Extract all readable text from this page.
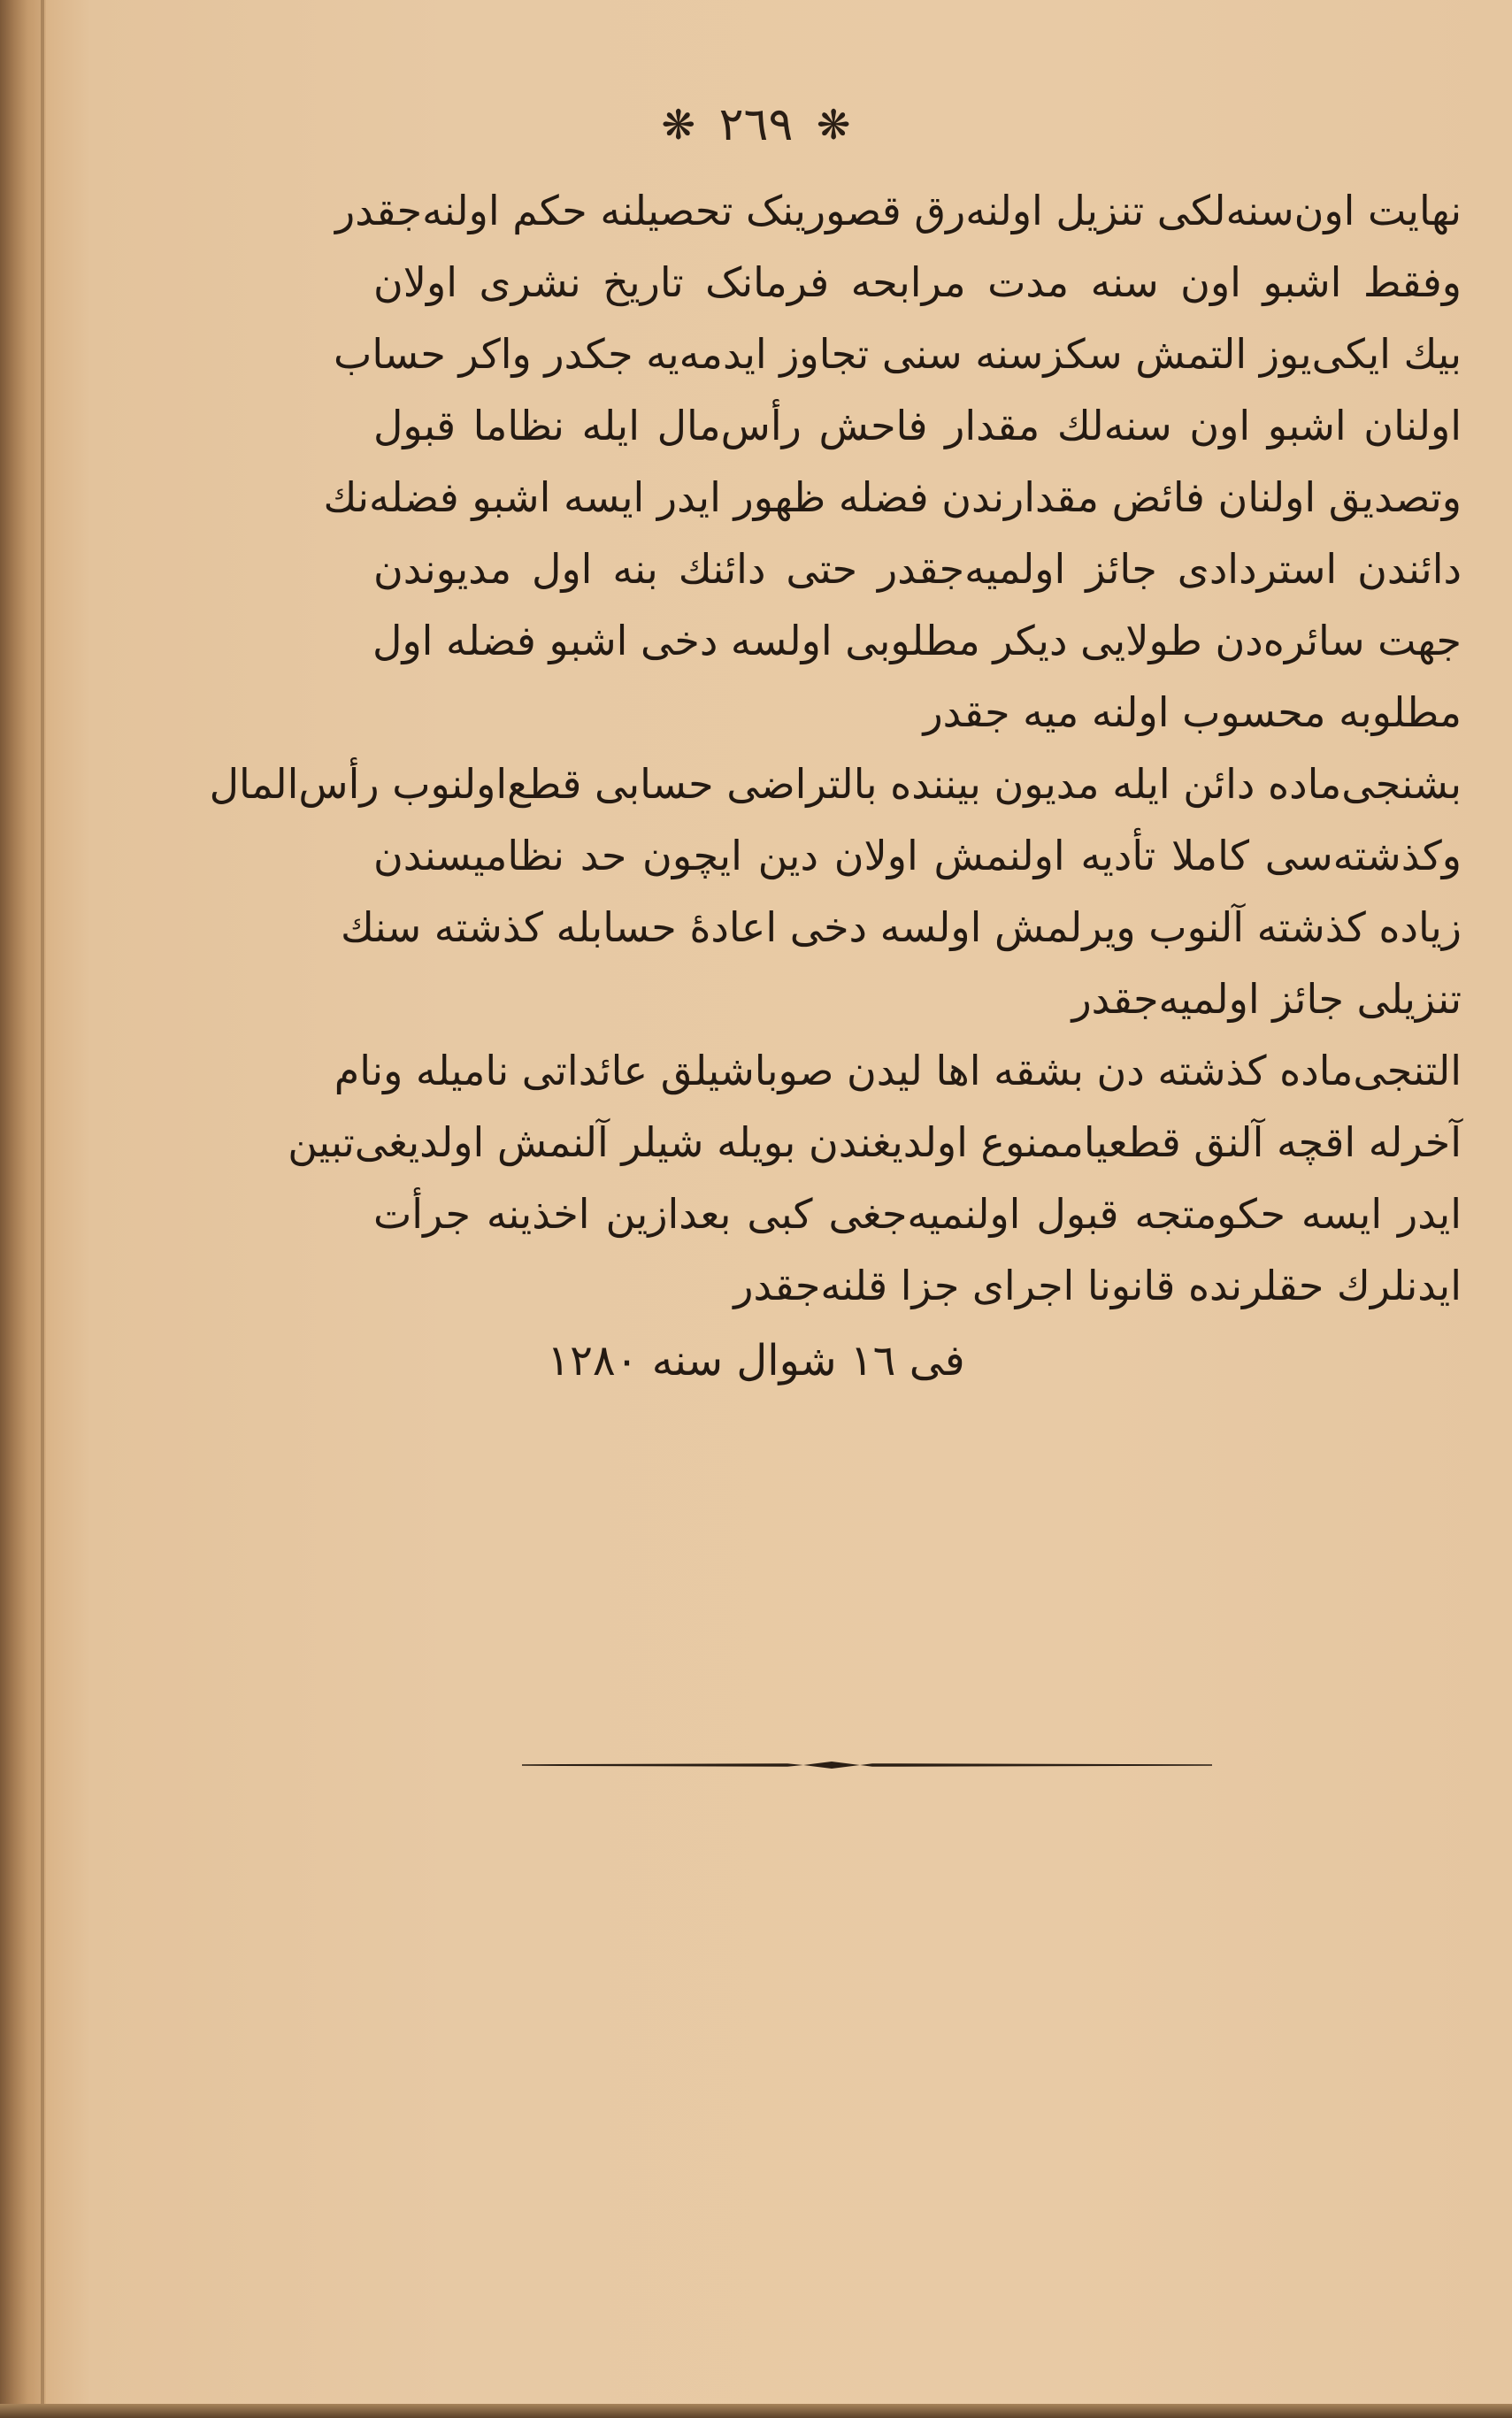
❋ ٢٦٩ ❋
نهایت اون‌سنه‌لکی تنزیل اولنه‌رق قصورینک تحصیلنه حکم اولنه‌جقدر
وفقط اشبو اون سنه مدت مرابحه فرمانک تاریخ نشری اولان
بیك ایکی‌یوز التمش سکزسنه سنی تجاوز ایدمه‌یه جکدر واکر حساب
اولنان اشبو اون سنه‌لك مقدار فاحش رأس‌مال ایله نظاما قبول
وتصدیق اولنان فائض مقدارندن فضله ظهور ایدر ایسه اشبو فضله‌نك
دائندن استردادی جائز اولمیه‌جقدر حتی دائنك بنه اول مدیوندن
جهت سائره‌دن طولایی دیکر مطلوبی اولسه دخی اشبو فضله اول
مطلوبه محسوب اولنه میه جقدر
بشنجی‌ماده دائن ایله مدیون بیننده بالتراضی حسابی قطع‌اولنوب رأس‌المال
وکذشته‌سی کاملا تأدیه اولنمش اولان دین ایچون حد نظامیسندن
زیاده کذشته آلنوب ویرلمش اولسه دخی اعادهٔ حسابله کذشته سنك
تنزیلی جائز اولمیه‌جقدر
التنجی‌ماده کذشته دن بشقه اها لیدن صوباشیلق عائداتی نامیله ونام
آخرله اقچه آلنق قطعیاممنوع اولدیغندن بویله شیلر آلنمش اولدیغی‌تبین
ایدر ایسه حکومتجه قبول اولنمیه‌جغی کبی بعدازین اخذینه جرأت
ایدنلرك حقلرنده قانونا اجرای جزا قلنه‌جقدر
فی ١٦ شوال سنه ١٢٨٠
